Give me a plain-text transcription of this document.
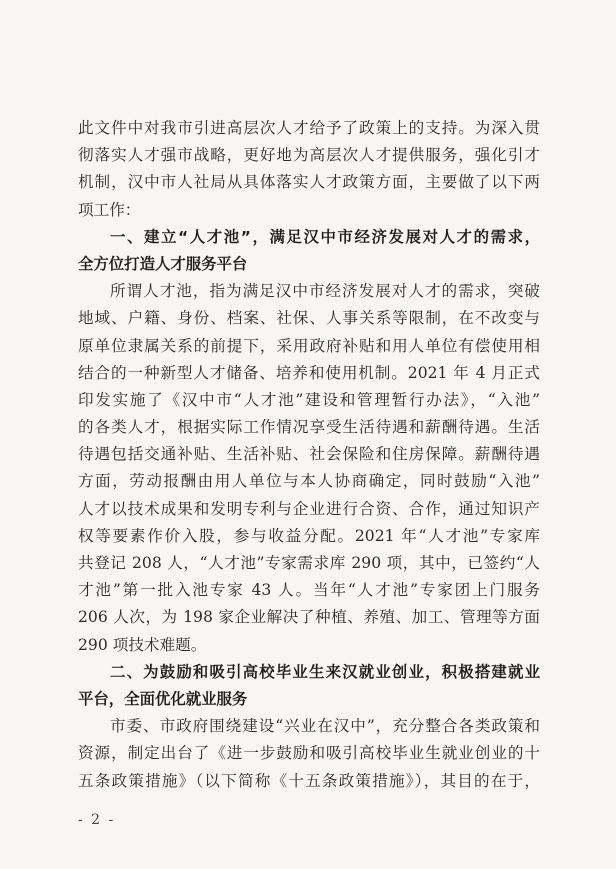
此文件中对我市引进高层次人才给予了政策上的支持。为深入贯
彻落实人才强市战略，更好地为高层次人才提供服务，强化引才
机制，汉中市人社局从具体落实人才政策方面，主要做了以下两
项工作：
一、建立“人才池”，满足汉中市经济发展对人才的需求，
全方位打造人才服务平台
所谓人才池，指为满足汉中市经济发展对人才的需求，突破
地域、户籍、身份、档案、社保、人事关系等限制，在不改变与
原单位隶属关系的前提下，采用政府补贴和用人单位有偿使用相
结合的一种新型人才储备、培养和使用机制。2021 年 4 月正式
印发实施了《汉中市“人才池”建设和管理暂行办法》，“入池”
的各类人才，根据实际工作情况享受生活待遇和薪酬待遇。生活
待遇包括交通补贴、生活补贴、社会保险和住房保障。薪酬待遇
方面，劳动报酬由用人单位与本人协商确定，同时鼓励“入池”
人才以技术成果和发明专利与企业进行合资、合作，通过知识产
权等要素作价入股，参与收益分配。2021 年“人才池”专家库
共登记 208 人，“人才池”专家需求库 290 项，其中，已签约“人
才池”第一批入池专家 43 人。当年“人才池”专家团上门服务
206 人次，为 198 家企业解决了种植、养殖、加工、管理等方面
290 项技术难题。
二、为鼓励和吸引高校毕业生来汉就业创业，积极搭建就业
平台，全面优化就业服务
市委、市政府围绕建设“兴业在汉中”，充分整合各类政策和
资源，制定出台了《进一步鼓励和吸引高校毕业生就业创业的十
五条政策措施》（以下简称《十五条政策措施》），其目的在于，
- 2 -
